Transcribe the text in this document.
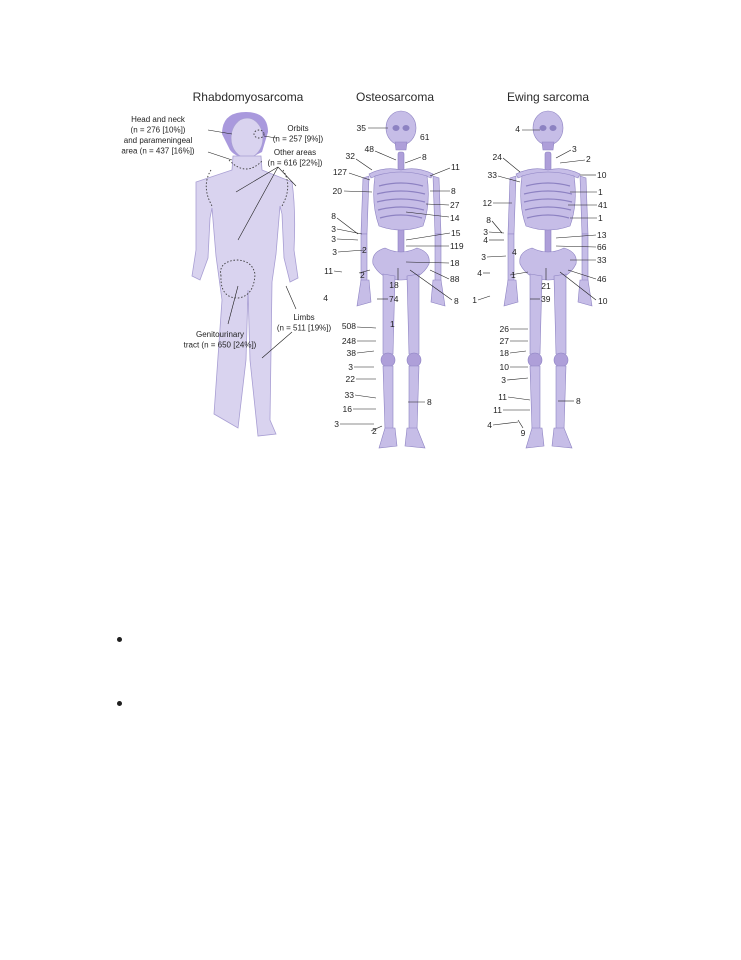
Rhabdomyosarcoma
Head and neck (n = 276 [10%]) and parameningeal area (n = 437 [16%])
Orbits (n = 257 [9%])
Other areas (n = 616 [22%])
Genitourinary tract (n = 650 [24%])
Limbs (n = 511 [19%])
Osteosarcoma
35
61
48
8
32
11
127
8
20
27
14
8
3	15
3
119
3	2
18
11	2	88
18
8
4	74
508	1
248
38
3
22
33
8
16
3
2
Ewing sarcoma
4
3
24	2
33	10
1
12	41
1
8
3	13
4
66
3	4
33
4	1
21
46
1	10
39
26
27
18
10
3
11	8
11
4
9
